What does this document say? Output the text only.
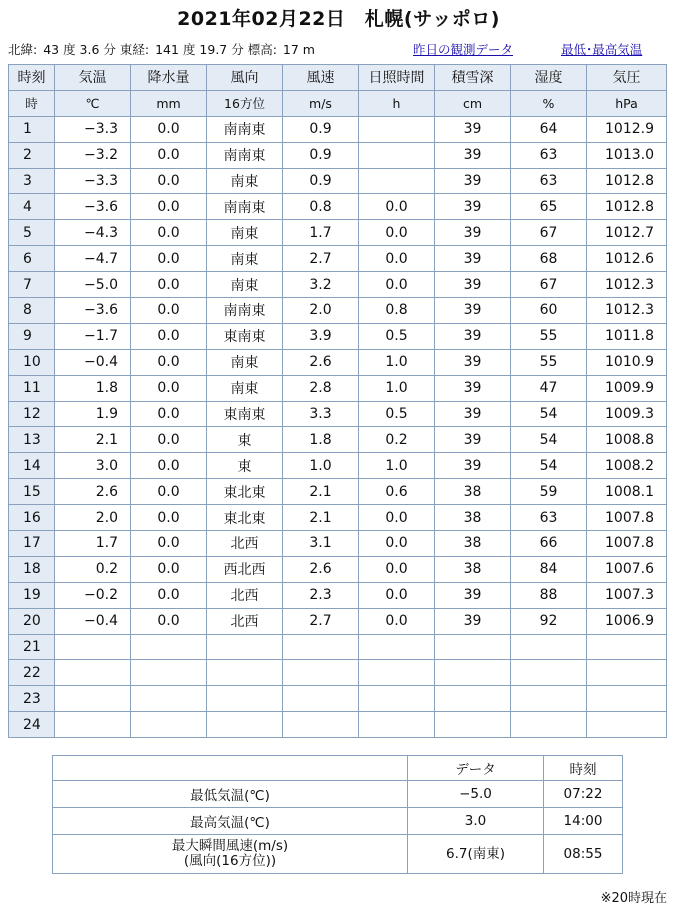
2021年02月22日　札幌(サッポロ)
北緯: 43 度 3.6 分 東経: 141 度 19.7 分 標高: 17 m	昨日の観測データ	最低･最高気温
時刻	気温	降水量	風向	風速	日照時間	積雪深	湿度	気圧
時	℃	mm	16方位	m/s	h	cm	%	hPa
1	−3.3	0.0	南南東	0.9		39	64	1012.9
2	−3.2	0.0	南南東	0.9		39	63	1013.0
3	−3.3	0.0	南東	0.9		39	63	1012.8
4	−3.6	0.0	南南東	0.8	0.0	39	65	1012.8
5	−4.3	0.0	南東	1.7	0.0	39	67	1012.7
6	−4.7	0.0	南東	2.7	0.0	39	68	1012.6
7	−5.0	0.0	南東	3.2	0.0	39	67	1012.3
8	−3.6	0.0	南南東	2.0	0.8	39	60	1012.3
9	−1.7	0.0	東南東	3.9	0.5	39	55	1011.8
10	−0.4	0.0	南東	2.6	1.0	39	55	1010.9
11	1.8	0.0	南東	2.8	1.0	39	47	1009.9
12	1.9	0.0	東南東	3.3	0.5	39	54	1009.3
13	2.1	0.0	東	1.8	0.2	39	54	1008.8
14	3.0	0.0	東	1.0	1.0	39	54	1008.2
15	2.6	0.0	東北東	2.1	0.6	38	59	1008.1
16	2.0	0.0	東北東	2.1	0.0	38	63	1007.8
17	1.7	0.0	北西	3.1	0.0	38	66	1007.8
18	0.2	0.0	西北西	2.6	0.0	38	84	1007.6
19	−0.2	0.0	北西	2.3	0.0	39	88	1007.3
20	−0.4	0.0	北西	2.7	0.0	39	92	1006.9
21								
22								
23								
24								
	データ	時刻
最低気温(℃)	−5.0	07:22
最高気温(℃)	3.0	14:00

最大瞬間風速(m/s)
(風向(16方位))	6.7(南東)	08:55
※20時現在
